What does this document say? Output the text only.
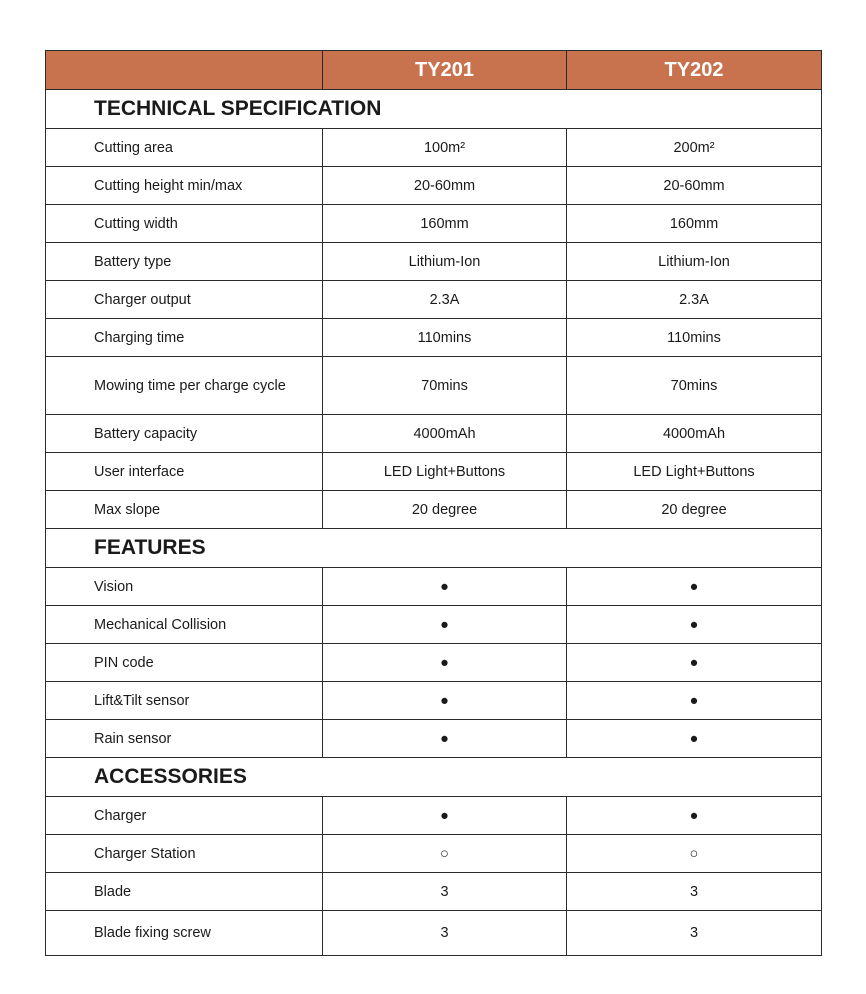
	TY201	TY202
TECHNICAL SPECIFICATION		
Cutting area	100m²	200m²
Cutting height min/max	20-60mm	20-60mm
Cutting width	160mm	160mm
Battery type	Lithium-Ion	Lithium-Ion
Charger output	2.3A	2.3A
Charging time	110mins	110mins
Mowing time per charge cycle	70mins	70mins
Battery capacity	4000mAh	4000mAh
User interface	LED Light+Buttons	LED Light+Buttons
Max slope	20 degree	20 degree
FEATURES		
Vision	●	●
Mechanical Collision	●	●
PIN code	●	●
Lift&Tilt sensor	●	●
Rain sensor	●	●
ACCESSORIES		
Charger	●	●
Charger Station	○	○
Blade	3	3
Blade fixing screw	3	3
